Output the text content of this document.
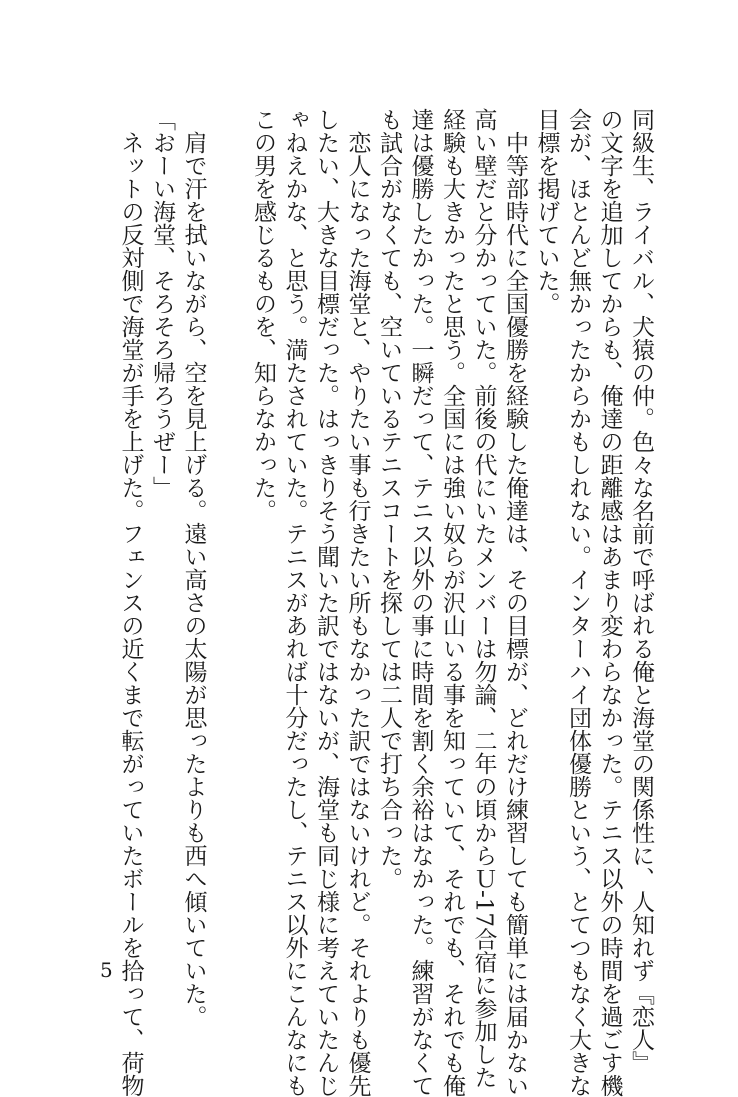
同級生、ライバル、犬猿の仲。色々な名前で呼ばれる俺と海堂の関係性に、人知れず『恋人』
の文字を追加してからも、俺達の距離感はあまり変わらなかった。テニス以外の時間を過ごす機
会が、ほとんど無かったからかもしれない。インターハイ団体優勝という、とてつもなく大きな
目標を掲げていた。
　中等部時代に全国優勝を経験した俺達は、その目標が、どれだけ練習しても簡単には届かない
高い壁だと分かっていた。前後の代にいたメンバーは勿論、二年の頃からＵ‐17合宿に参加した
経験も大きかったと思う。全国には強い奴らが沢山いる事を知っていて、それでも、それでも俺
達は優勝したかった。一瞬だって、テニス以外の事に時間を割く余裕はなかった。練習がなくて
も試合がなくても、空いているテニスコートを探しては二人で打ち合った。
　恋人になった海堂と、やりたい事も行きたい所もなかった訳ではないけれど。それよりも優先
したい、大きな目標だった。はっきりそう聞いた訳ではないが、海堂も同じ様に考えていたんじ
ゃねえかな、と思う。満たされていた。テニスがあれば十分だったし、テニス以外にこんなにも
この男を感じるものを、知らなかった。
　肩で汗を拭いながら、空を見上げる。遠い高さの太陽が思ったよりも西へ傾いていた。
「おーい海堂、そろそろ帰ろうぜー」
　ネットの反対側で海堂が手を上げた。フェンスの近くまで転がっていたボールを拾って、荷物
5
